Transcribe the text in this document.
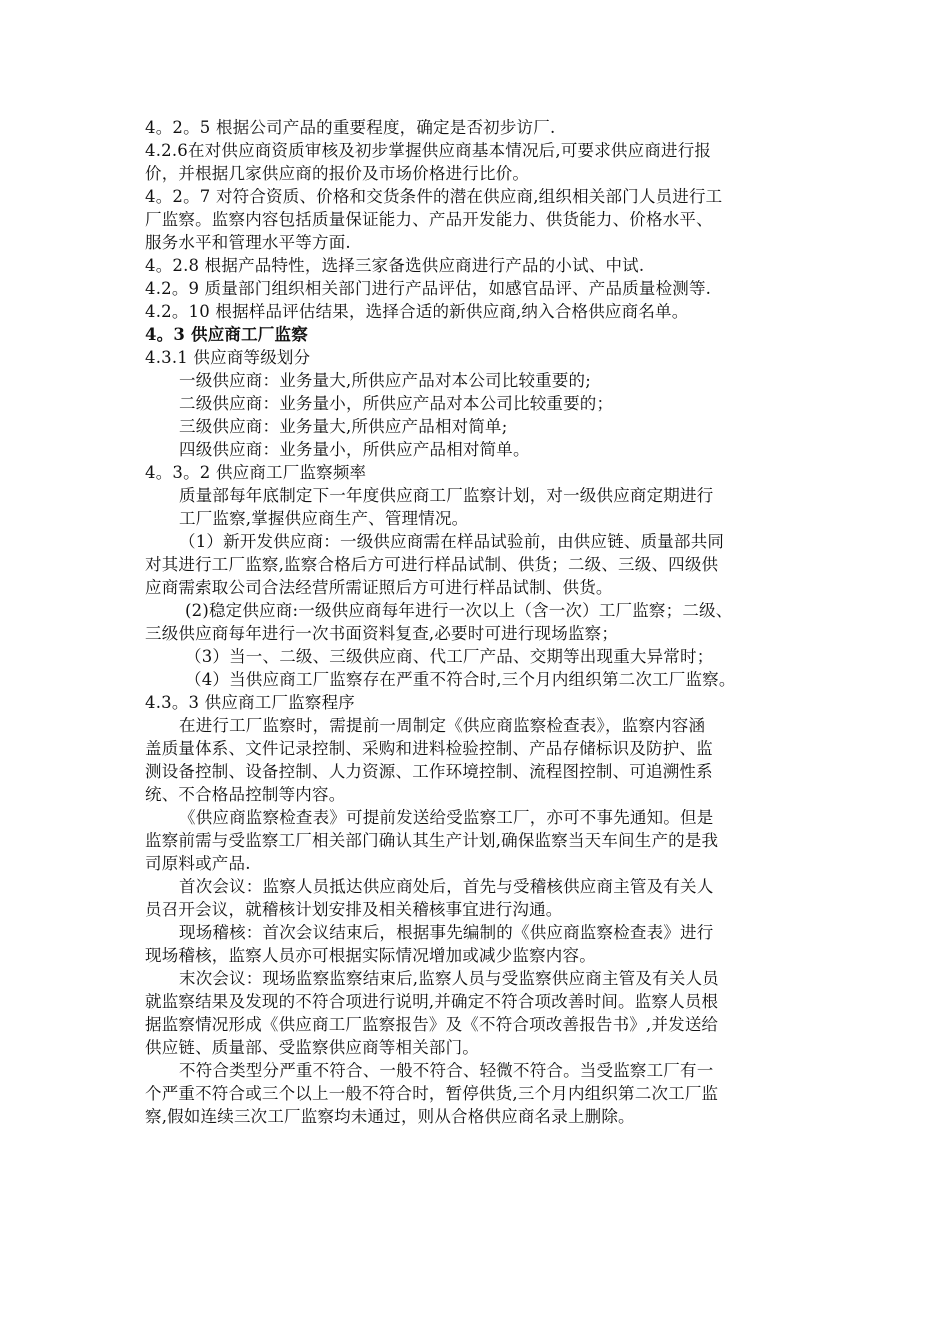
4。2。5 根据公司产品的重要程度，确定是否初步访厂.
4.2.6在对供应商资质审核及初步掌握供应商基本情况后,可要求供应商进行报
价，并根据几家供应商的报价及市场价格进行比价。
4。2。7 对符合资质、价格和交货条件的潜在供应商,组织相关部门人员进行工
厂监察。监察内容包括质量保证能力、产品开发能力、供货能力、价格水平、
服务水平和管理水平等方面.
4。2.8 根据产品特性，选择三家备选供应商进行产品的小试、中试.
4.2。9 质量部门组织相关部门进行产品评估，如感官品评、产品质量检测等.
4.2。10 根据样品评估结果，选择合适的新供应商,纳入合格供应商名单。
4。3 供应商工厂监察
4.3.1 供应商等级划分
一级供应商：业务量大,所供应产品对本公司比较重要的;
二级供应商：业务量小，所供应产品对本公司比较重要的；
三级供应商：业务量大,所供应产品相对简单;
四级供应商：业务量小，所供应产品相对简单。
4。3。2 供应商工厂监察频率
质量部每年底制定下一年度供应商工厂监察计划，对一级供应商定期进行
工厂监察,掌握供应商生产、管理情况。
（1）新开发供应商：一级供应商需在样品试验前，由供应链、质量部共同
对其进行工厂监察,监察合格后方可进行样品试制、供货；二级、三级、四级供
应商需索取公司合法经营所需证照后方可进行样品试制、供货。
(2)稳定供应商:一级供应商每年进行一次以上（含一次）工厂监察；二级、
三级供应商每年进行一次书面资料复查,必要时可进行现场监察；
（3）当一、二级、三级供应商、代工厂产品、交期等出现重大异常时；
（4）当供应商工厂监察存在严重不符合时,三个月内组织第二次工厂监察。
4.3。3 供应商工厂监察程序
在进行工厂监察时，需提前一周制定《供应商监察检查表》，监察内容涵
盖质量体系、文件记录控制、采购和进料检验控制、产品存储标识及防护、监
测设备控制、设备控制、人力资源、工作环境控制、流程图控制、可追溯性系
统、不合格品控制等内容。
《供应商监察检查表》可提前发送给受监察工厂，亦可不事先通知。但是
监察前需与受监察工厂相关部门确认其生产计划,确保监察当天车间生产的是我
司原料或产品.
首次会议：监察人员抵达供应商处后，首先与受稽核供应商主管及有关人
员召开会议，就稽核计划安排及相关稽核事宜进行沟通。
现场稽核：首次会议结束后，根据事先编制的《供应商监察检查表》进行
现场稽核，监察人员亦可根据实际情况增加或减少监察内容。
末次会议：现场监察监察结束后,监察人员与受监察供应商主管及有关人员
就监察结果及发现的不符合项进行说明,并确定不符合项改善时间。监察人员根
据监察情况形成《供应商工厂监察报告》及《不符合项改善报告书》,并发送给
供应链、质量部、受监察供应商等相关部门。
不符合类型分严重不符合、一般不符合、轻微不符合。当受监察工厂有一
个严重不符合或三个以上一般不符合时，暂停供货,三个月内组织第二次工厂监
察,假如连续三次工厂监察均未通过，则从合格供应商名录上删除。
